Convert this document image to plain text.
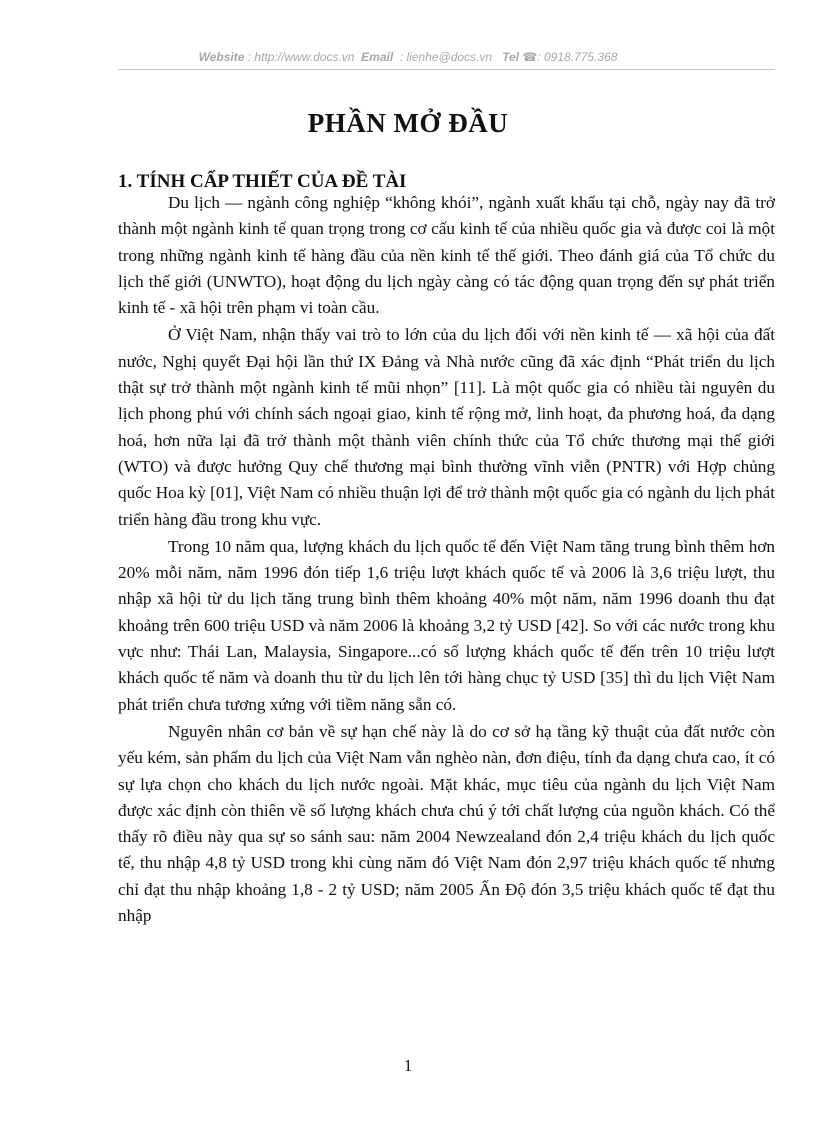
Website : http://www.docs.vn Email : lienhe@docs.vn Tel ☎: 0918.775.368
PHẦN MỞ ĐẦU
1. TÍNH CẤP THIẾT CỦA ĐỀ TÀI

Du lịch — ngành công nghiệp “không khói”, ngành xuất khẩu tại chỗ, ngày nay đã trở thành một ngành kinh tế quan trọng trong cơ cấu kinh tế của nhiều quốc gia và được coi là một trong những ngành kinh tế hàng đầu của nền kinh tế thế giới. Theo đánh giá của Tổ chức du lịch thế giới (UNWTO), hoạt động du lịch ngày càng có tác động quan trọng đến sự phát triển kinh tế - xã hội trên phạm vi toàn cầu.

Ở Việt Nam, nhận thấy vai trò to lớn của du lịch đối với nền kinh tế — xã hội của đất nước, Nghị quyết Đại hội lần thứ IX Đảng và Nhà nước cũng đã xác định “Phát triển du lịch thật sự trở thành một ngành kinh tế mũi nhọn” [11]. Là một quốc gia có nhiều tài nguyên du lịch phong phú với chính sách ngoại giao, kinh tế rộng mở, linh hoạt, đa phương hoá, đa dạng hoá, hơn nữa lại đã trở thành một thành viên chính thức của Tổ chức thương mại thế giới (WTO) và được hưởng Quy chế thương mại bình thường vĩnh viễn (PNTR) với Hợp chủng quốc Hoa kỳ [01], Việt Nam có nhiều thuận lợi để trở thành một quốc gia có ngành du lịch phát triển hàng đầu trong khu vực.

Trong 10 năm qua, lượng khách du lịch quốc tế đến Việt Nam tăng trung bình thêm hơn 20% mỗi năm, năm 1996 đón tiếp 1,6 triệu lượt khách quốc tế và 2006 là 3,6 triệu lượt, thu nhập xã hội từ du lịch tăng trung bình thêm khoảng 40% một năm, năm 1996 doanh thu đạt khoảng trên 600 triệu USD và năm 2006 là khoảng 3,2 tỷ USD [42]. So với các nước trong khu vực như: Thái Lan, Malaysia, Singapore...có số lượng khách quốc tế đến trên 10 triệu lượt khách quốc tế năm và doanh thu từ du lịch lên tới hàng chục tỷ USD [35] thì du lịch Việt Nam phát triển chưa tương xứng với tiềm năng sẵn có.

Nguyên nhân cơ bản về sự hạn chế này là do cơ sở hạ tầng kỹ thuật của đất nước còn yếu kém, sản phẩm du lịch của Việt Nam vẫn nghèo nàn, đơn điệu, tính đa dạng chưa cao, ít có sự lựa chọn cho khách du lịch nước ngoài. Mặt khác, mục tiêu của ngành du lịch Việt Nam được xác định còn thiên về số lượng khách chưa chú ý tới chất lượng của nguồn khách. Có thể thấy rõ điều này qua sự so sánh sau: năm 2004 Newzealand đón 2,4 triệu khách du lịch quốc tế, thu nhập 4,8 tỷ USD trong khi cùng năm đó Việt Nam đón 2,97 triệu khách quốc tế nhưng chỉ đạt thu nhập khoảng 1,8 - 2 tỷ USD; năm 2005 Ấn Độ đón 3,5 triệu khách quốc tế đạt thu nhập

1
